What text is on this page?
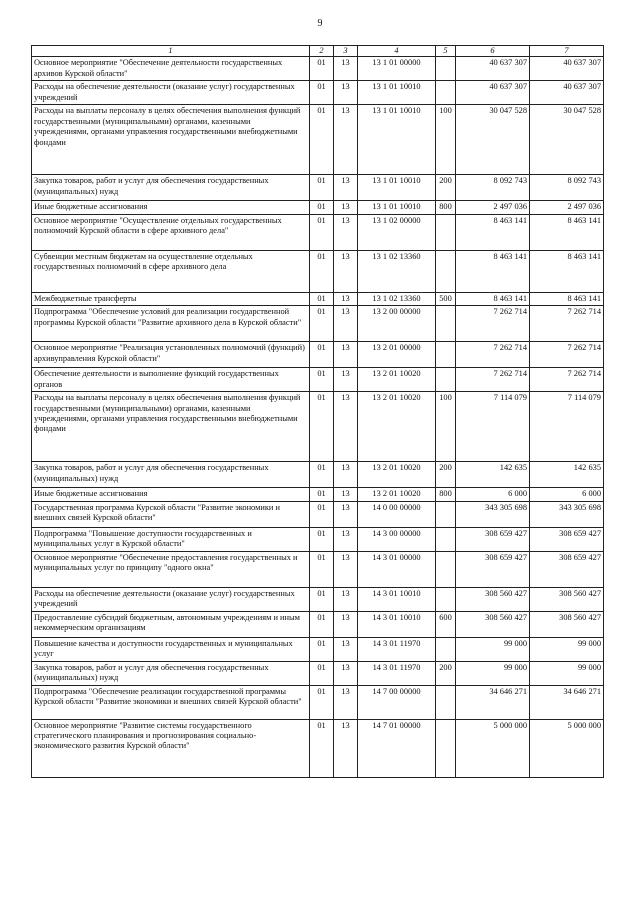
9
1	2	3	4	5	6	7
Основное мероприятие "Обеспечение деятельности государственных архивов Курской области"	01	13	13 1 01 00000		40 637 307	40 637 307
Расходы на обеспечение деятельности (оказание услуг) государственных учреждений	01	13	13 1 01 10010		40 637 307	40 637 307
Расходы на выплаты персоналу в целях обеспечения выполнения функций государственными (муниципальными) органами, казенными учреждениями, органами управления государственными внебюджетными фондами	01	13	13 1 01 10010	100	30 047 528	30 047 528
Закупка товаров, работ и услуг для обеспечения государственных (муниципальных) нужд	01	13	13 1 01 10010	200	8 092 743	8 092 743
Иные бюджетные ассигнования	01	13	13 1 01 10010	800	2 497 036	2 497 036
Основное мероприятие "Осуществление отдельных государственных полномочий Курской области в сфере архивного дела"	01	13	13 1 02 00000		8 463 141	8 463 141
Субвенции местным бюджетам на осуществление отдельных государственных полномочий в сфере архивного дела	01	13	13 1 02 13360		8 463 141	8 463 141
Межбюджетные трансферты	01	13	13 1 02 13360	500	8 463 141	8 463 141
Подпрограмма "Обеспечение условий для реализации государственной программы Курской области "Развитие архивного дела в Курской области"	01	13	13 2 00 00000		7 262 714	7 262 714
Основное мероприятие "Реализация установленных полномочий (функций) архивуправления Курской области"	01	13	13 2 01 00000		7 262 714	7 262 714
Обеспечение деятельности и выполнение функций государственных органов	01	13	13 2 01 10020		7 262 714	7 262 714
Расходы на выплаты персоналу в целях обеспечения выполнения функций государственными (муниципальными) органами, казенными учреждениями, органами управления государственными внебюджетными фондами	01	13	13 2 01 10020	100	7 114 079	7 114 079
Закупка товаров, работ и услуг для обеспечения государственных (муниципальных) нужд	01	13	13 2 01 10020	200	142 635	142 635
Иные бюджетные ассигнования	01	13	13 2 01 10020	800	6 000	6 000
Государственная программа Курской области "Развитие экономики и внешних связей Курской области"	01	13	14 0 00 00000		343 305 698	343 305 698
Подпрограмма "Повышение доступности государственных и муниципальных услуг в Курской области"	01	13	14 3 00 00000		308 659 427	308 659 427
Основное мероприятие "Обеспечение предоставления государственных и муниципальных услуг по принципу "одного окна"	01	13	14 3 01 00000		308 659 427	308 659 427
Расходы на обеспечение деятельности (оказание услуг) государственных учреждений	01	13	14 3 01 10010		308 560 427	308 560 427
Предоставление субсидий бюджетным, автономным учреждениям и иным некоммерческим организациям	01	13	14 3 01 10010	600	308 560 427	308 560 427
Повышение качества и доступности государственных и муниципальных услуг	01	13	14 3 01 11970		99 000	99 000
Закупка товаров, работ и услуг для обеспечения государственных (муниципальных) нужд	01	13	14 3 01 11970	200	99 000	99 000
Подпрограмма "Обеспечение реализации государственной программы Курской области "Развитие экономики и внешних связей Курской области"	01	13	14 7 00 00000		34 646 271	34 646 271
Основное мероприятие "Развитие системы государственного стратегического планирования и прогнозирования социально-экономического развития Курской области"	01	13	14 7 01 00000		5 000 000	5 000 000
